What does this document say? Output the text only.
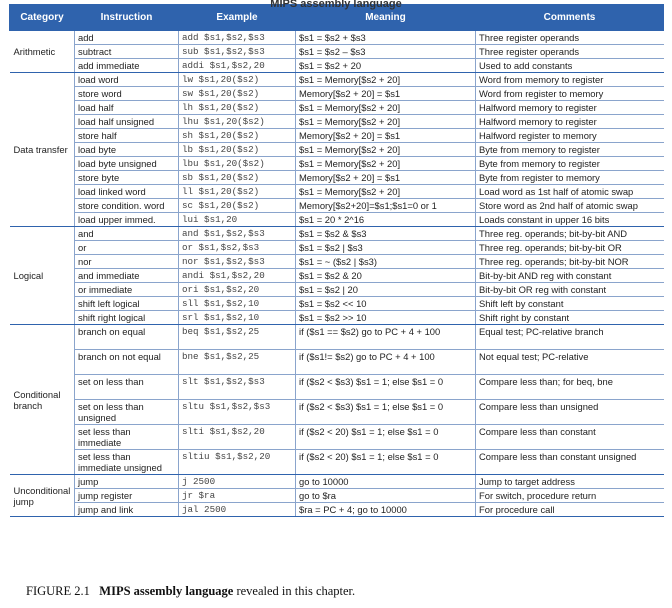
Category	Instruction	Example	Meaning	Comments
Arithmetic	add	add $s1,$s2,$s3	$s1 = $s2 + $s3	Three register operands
	subtract	sub $s1,$s2,$s3	$s1 = $s2 – $s3	Three register operands
	add immediate	addi $s1,$s2,20	$s1 = $s2 + 20	Used to add constants
Data transfer	load word	lw $s1,20($s2)	$s1 = Memory[$s2 + 20]	Word from memory to register
	store word	sw $s1,20($s2)	Memory[$s2 + 20] = $s1	Word from register to memory
	load half	lh $s1,20($s2)	$s1 = Memory[$s2 + 20]	Halfword memory to register
	load half unsigned	lhu $s1,20($s2)	$s1 = Memory[$s2 + 20]	Halfword memory to register
	store half	sh $s1,20($s2)	Memory[$s2 + 20] = $s1	Halfword register to memory
	load byte	lb $s1,20($s2)	$s1 = Memory[$s2 + 20]	Byte from memory to register
	load byte unsigned	lbu $s1,20($s2)	$s1 = Memory[$s2 + 20]	Byte from memory to register
	store byte	sb $s1,20($s2)	Memory[$s2 + 20] = $s1	Byte from register to memory
	load linked word	ll $s1,20($s2)	$s1 = Memory[$s2 + 20]	Load word as 1st half of atomic swap
	store condition. word	sc $s1,20($s2)	Memory[$s2+20]=$s1;$s1=0 or 1	Store word as 2nd half of atomic swap
	load upper immed.	lui $s1,20	$s1 = 20 * 2^16	Loads constant in upper 16 bits
Logical	and	and $s1,$s2,$s3	$s1 = $s2 & $s3	Three reg. operands; bit-by-bit AND
	or	or $s1,$s2,$s3	$s1 = $s2 | $s3	Three reg. operands; bit-by-bit OR
	nor	nor $s1,$s2,$s3	$s1 = ~ ($s2 | $s3)	Three reg. operands; bit-by-bit NOR
	and immediate	andi $s1,$s2,20	$s1 = $s2 & 20	Bit-by-bit AND reg with constant
	or immediate	ori $s1,$s2,20	$s1 = $s2 | 20	Bit-by-bit OR reg with constant
	shift left logical	sll $s1,$s2,10	$s1 = $s2 << 10	Shift left by constant
	shift right logical	srl $s1,$s2,10	$s1 = $s2 >> 10	Shift right by constant
Conditional branch	branch on equal	beq $s1,$s2,25	if ($s1 == $s2) go to PC + 4 + 100	Equal test; PC-relative branch
	branch on not equal	bne $s1,$s2,25	if ($s1!= $s2) go to PC + 4 + 100	Not equal test; PC-relative
	set on less than	slt $s1,$s2,$s3	if ($s2 < $s3) $s1 = 1; else $s1 = 0	Compare less than; for beq, bne
	set on less than unsigned	sltu $s1,$s2,$s3	if ($s2 < $s3) $s1 = 1; else $s1 = 0	Compare less than unsigned
	set less than immediate	slti $s1,$s2,20	if ($s2 < 20) $s1 = 1; else $s1 = 0	Compare less than constant
	set less than immediate unsigned	sltiu $s1,$s2,20	if ($s2 < 20) $s1 = 1; else $s1 = 0	Compare less than constant unsigned
Unconditional jump	jump	j 2500	go to 10000	Jump to target address
	jump register	jr $ra	go to $ra	For switch, procedure return
	jump and link	jal 2500	$ra = PC + 4; go to 10000	For procedure call
FIGURE 2.1 MIPS assembly language revealed in this chapter.
